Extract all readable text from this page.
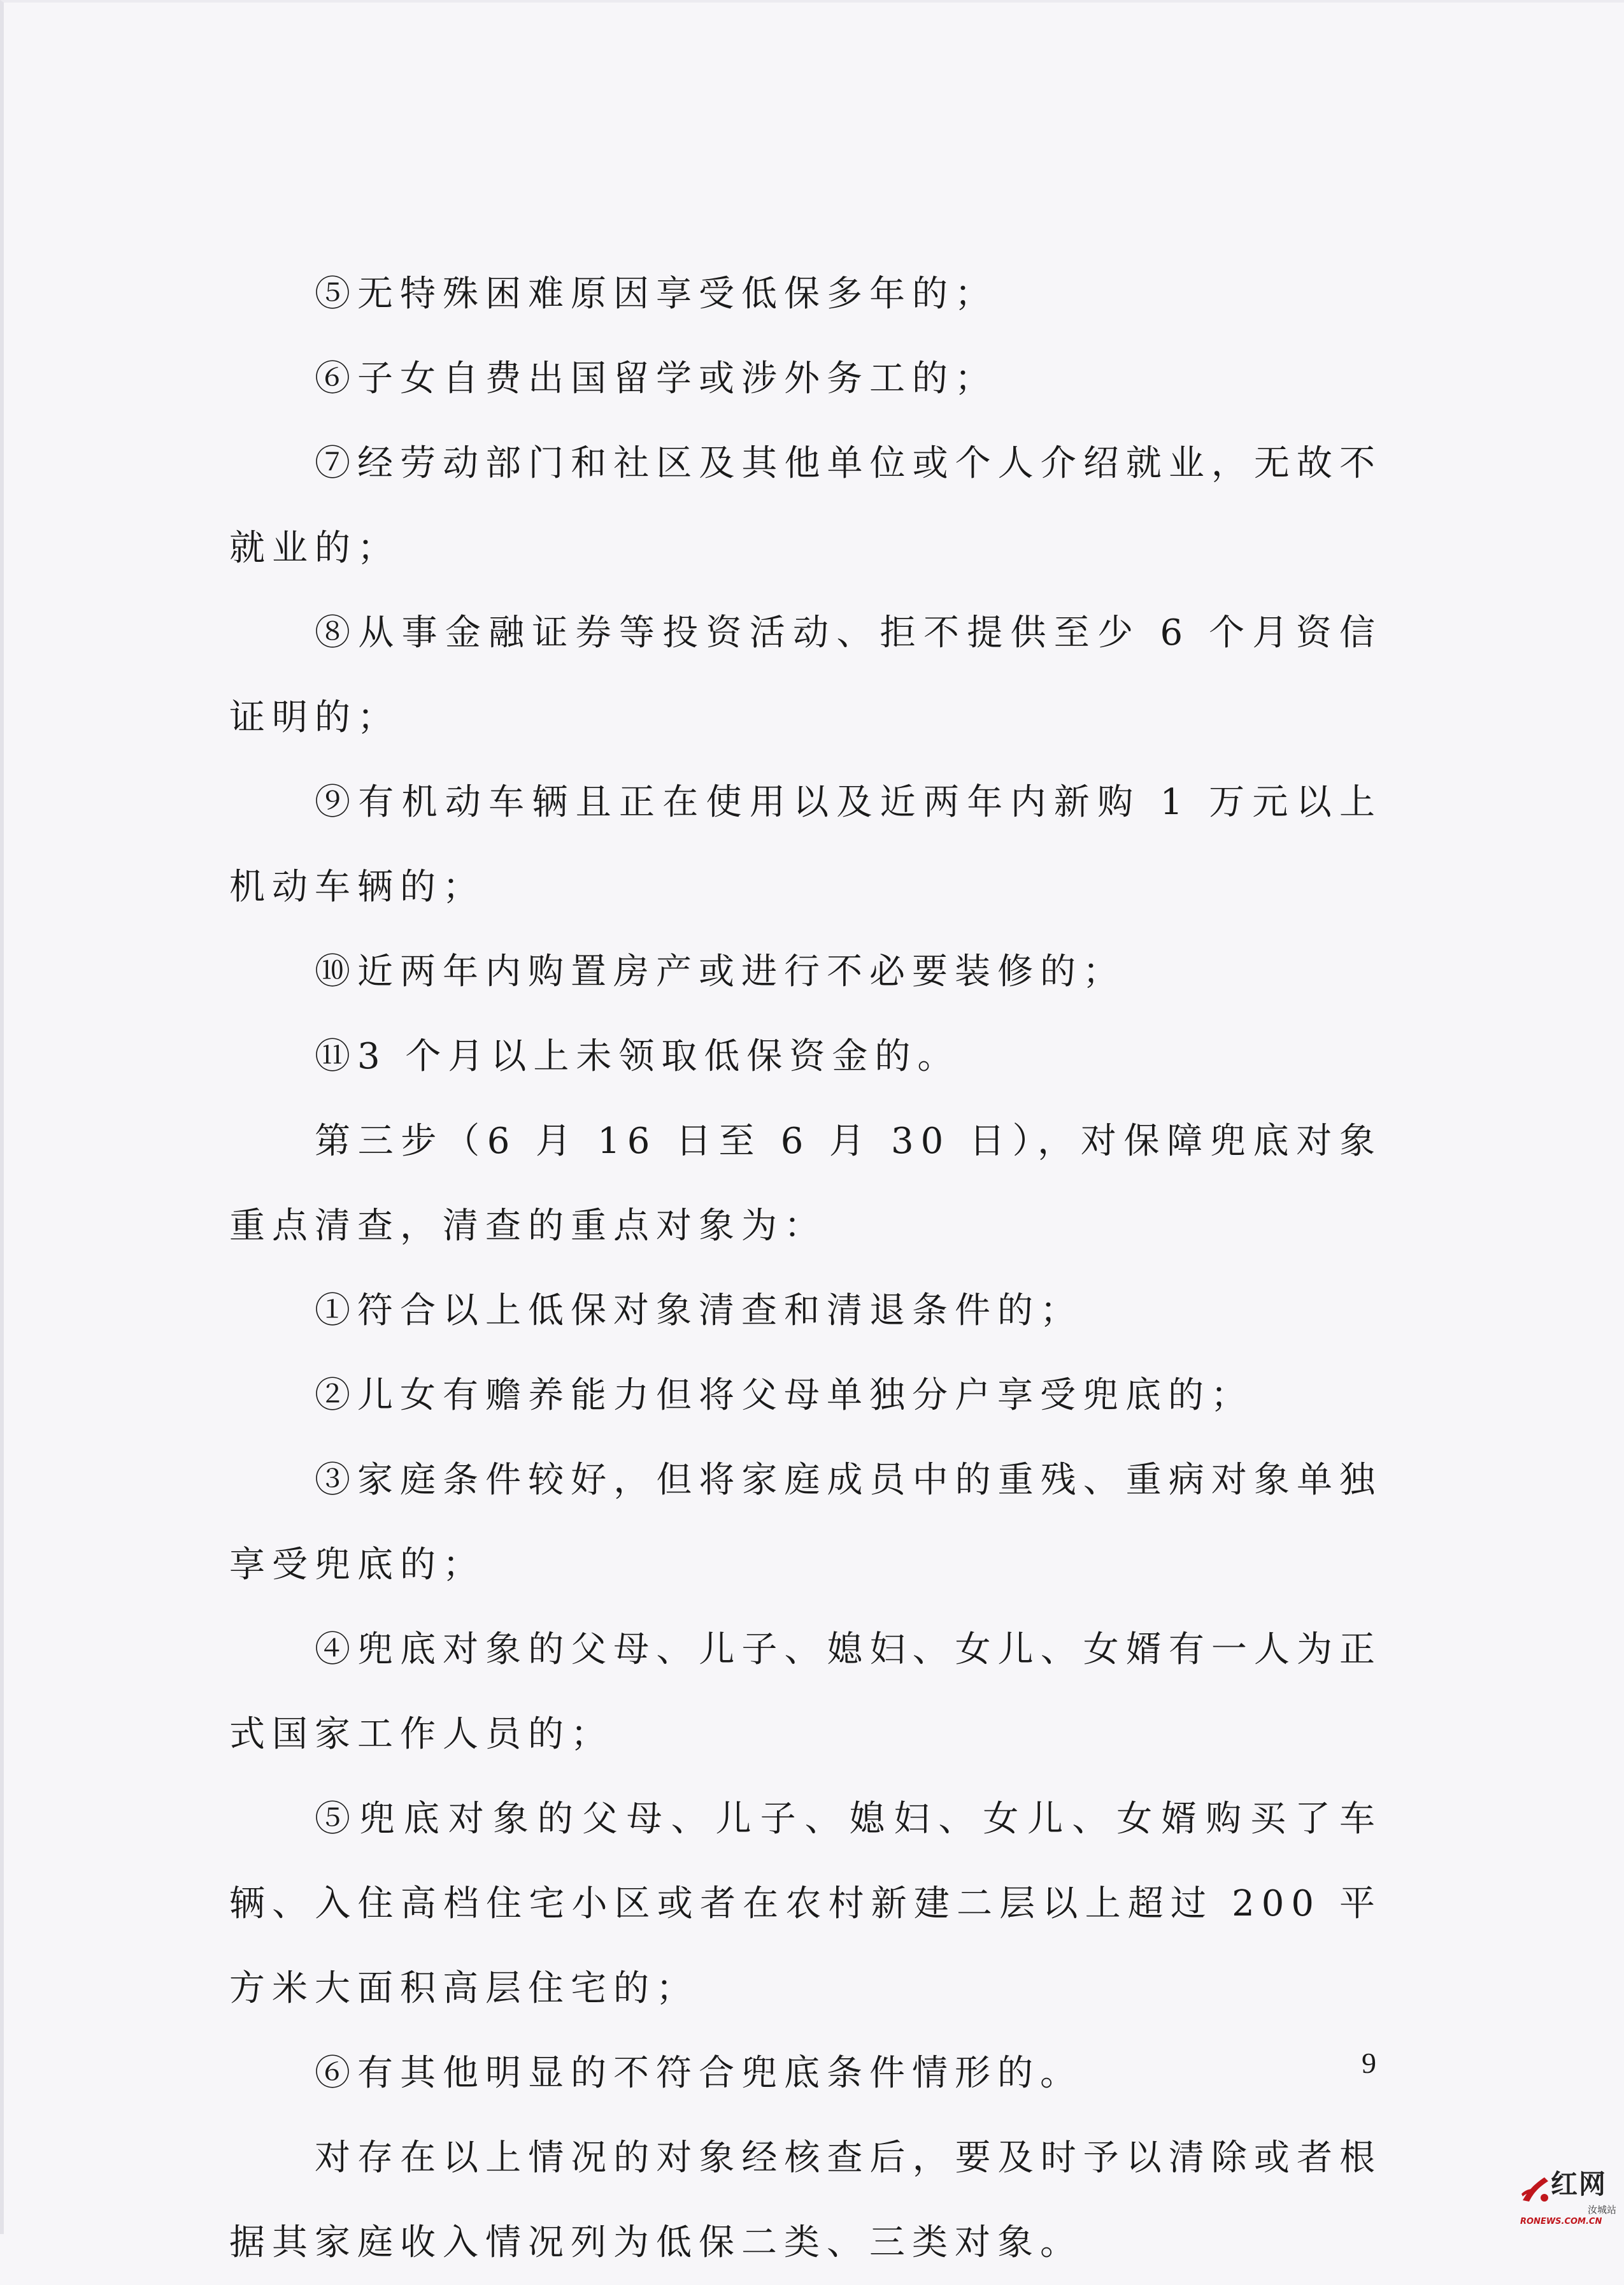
⑤无特殊困难原因享受低保多年的；

⑥子女自费出国留学或涉外务工的；

⑦经劳动部门和社区及其他单位或个人介绍就业，无故不就业的；

⑧从事金融证券等投资活动、拒不提供至少 6 个月资信证明的；

⑨有机动车辆且正在使用以及近两年内新购 1 万元以上机动车辆的；

⑩近两年内购置房产或进行不必要装修的；

⑪3 个月以上未领取低保资金的。

第三步（6 月 16 日至 6 月 30 日），对保障兜底对象重点清查，清查的重点对象为：

①符合以上低保对象清查和清退条件的；

②儿女有赡养能力但将父母单独分户享受兜底的；

③家庭条件较好，但将家庭成员中的重残、重病对象单独享受兜底的；

④兜底对象的父母、儿子、媳妇、女儿、女婿有一人为正式国家工作人员的；

⑤兜底对象的父母、儿子、媳妇、女儿、女婿购买了车辆、入住高档住宅小区或者在农村新建二层以上超过 200 平方米大面积高层住宅的；

⑥有其他明显的不符合兜底条件情形的。

对存在以上情况的对象经核查后，要及时予以清除或者根据其家庭收入情况列为低保二类、三类对象。

9
红网
汝城站
RONEWS.COM.CN
